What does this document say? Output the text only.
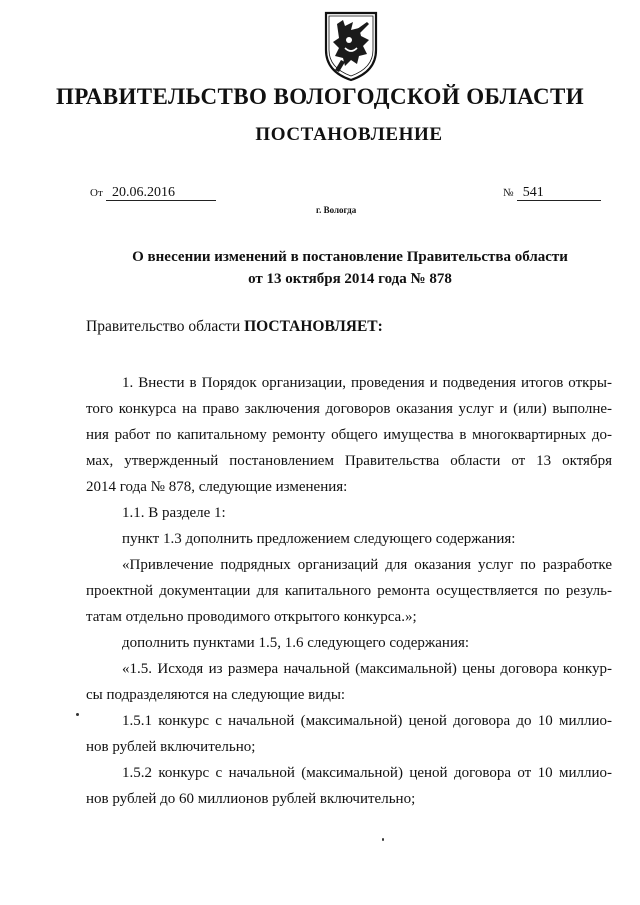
ПРАВИТЕЛЬСТВО ВОЛОГОДСКОЙ ОБЛАСТИ
ПОСТАНОВЛЕНИЕ
От 20.06.2016	№ 541
г. Вологда
О внесении изменений в постановление Правительства области
от 13 октября 2014 года № 878
Правительство области ПОСТАНОВЛЯЕТ:
1. Внести в Порядок организации, проведения и подведения итогов откры-
того конкурса на право заключения договоров оказания услуг и (или) выполне-
ния работ по капитальному ремонту общего имущества в многоквартирных до-
мах, утвержденный постановлением Правительства области от 13 октября
2014 года № 878, следующие изменения:
1.1. В разделе 1:
пункт 1.3 дополнить предложением следующего содержания:
«Привлечение подрядных организаций для оказания услуг по разработке
проектной документации для капитального ремонта осуществляется по резуль-
татам отдельно проводимого открытого конкурса.»;
дополнить пунктами 1.5, 1.6 следующего содержания:
«1.5. Исходя из размера начальной (максимальной) цены договора конкур-
сы подразделяются на следующие виды:
1.5.1 конкурс с начальной (максимальной) ценой договора до 10 миллио-
нов рублей включительно;
1.5.2 конкурс с начальной (максимальной) ценой договора от 10 миллио-
нов рублей до 60 миллионов рублей включительно;
